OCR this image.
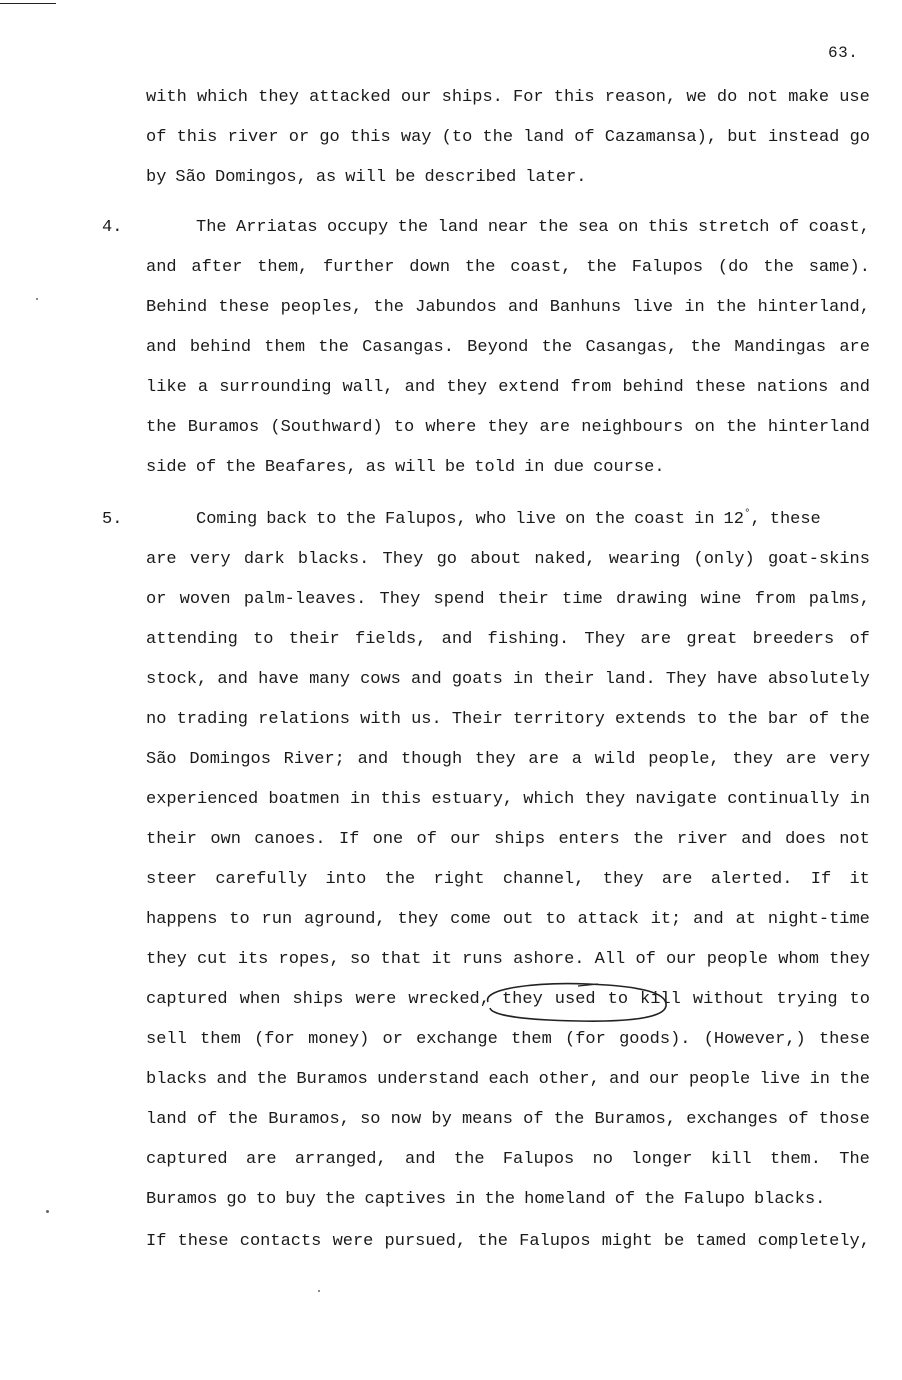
63.
with which they attacked our ships. For this reason, we do not make use
of this river or go this way (to the land of Cazamansa), but instead go
by São Domingos, as will be described later.
4.	The Arriatas occupy the land near the sea on this stretch of coast,
and after them, further down the coast, the Falupos (do the same).
Behind these peoples, the Jabundos and Banhuns live in the hinterland,
and behind them the Casangas. Beyond the Casangas, the Mandingas are
like a surrounding wall, and they extend from behind these nations and
the Buramos (Southward) to where they are neighbours on the hinterland
side of the Beafares, as will be told in due course.
5.	Coming back to the Falupos, who live on the coast in 12°, these
are very dark blacks. They go about naked, wearing (only) goat-skins
or woven palm-leaves. They spend their time drawing wine from palms,
attending to their fields, and fishing. They are great breeders of
stock, and have many cows and goats in their land. They have absolutely
no trading relations with us. Their territory extends to the bar of the
São Domingos River; and though they are a wild people, they are very
experienced boatmen in this estuary, which they navigate continually in
their own canoes. If one of our ships enters the river and does not
steer carefully into the right channel, they are alerted. If it
happens to run aground, they come out to attack it; and at night-time
they cut its ropes, so that it runs ashore. All of our people whom they
captured when ships were wrecked, they used to kill without trying to
sell them (for money) or exchange them (for goods). (However,) these
blacks and the Buramos understand each other, and our people live in the
land of the Buramos, so now by means of the Buramos, exchanges of those
captured are arranged, and the Falupos no longer kill them. The
Buramos go to buy the captives in the homeland of the Falupo blacks.
If these contacts were pursued, the Falupos might be tamed completely,
